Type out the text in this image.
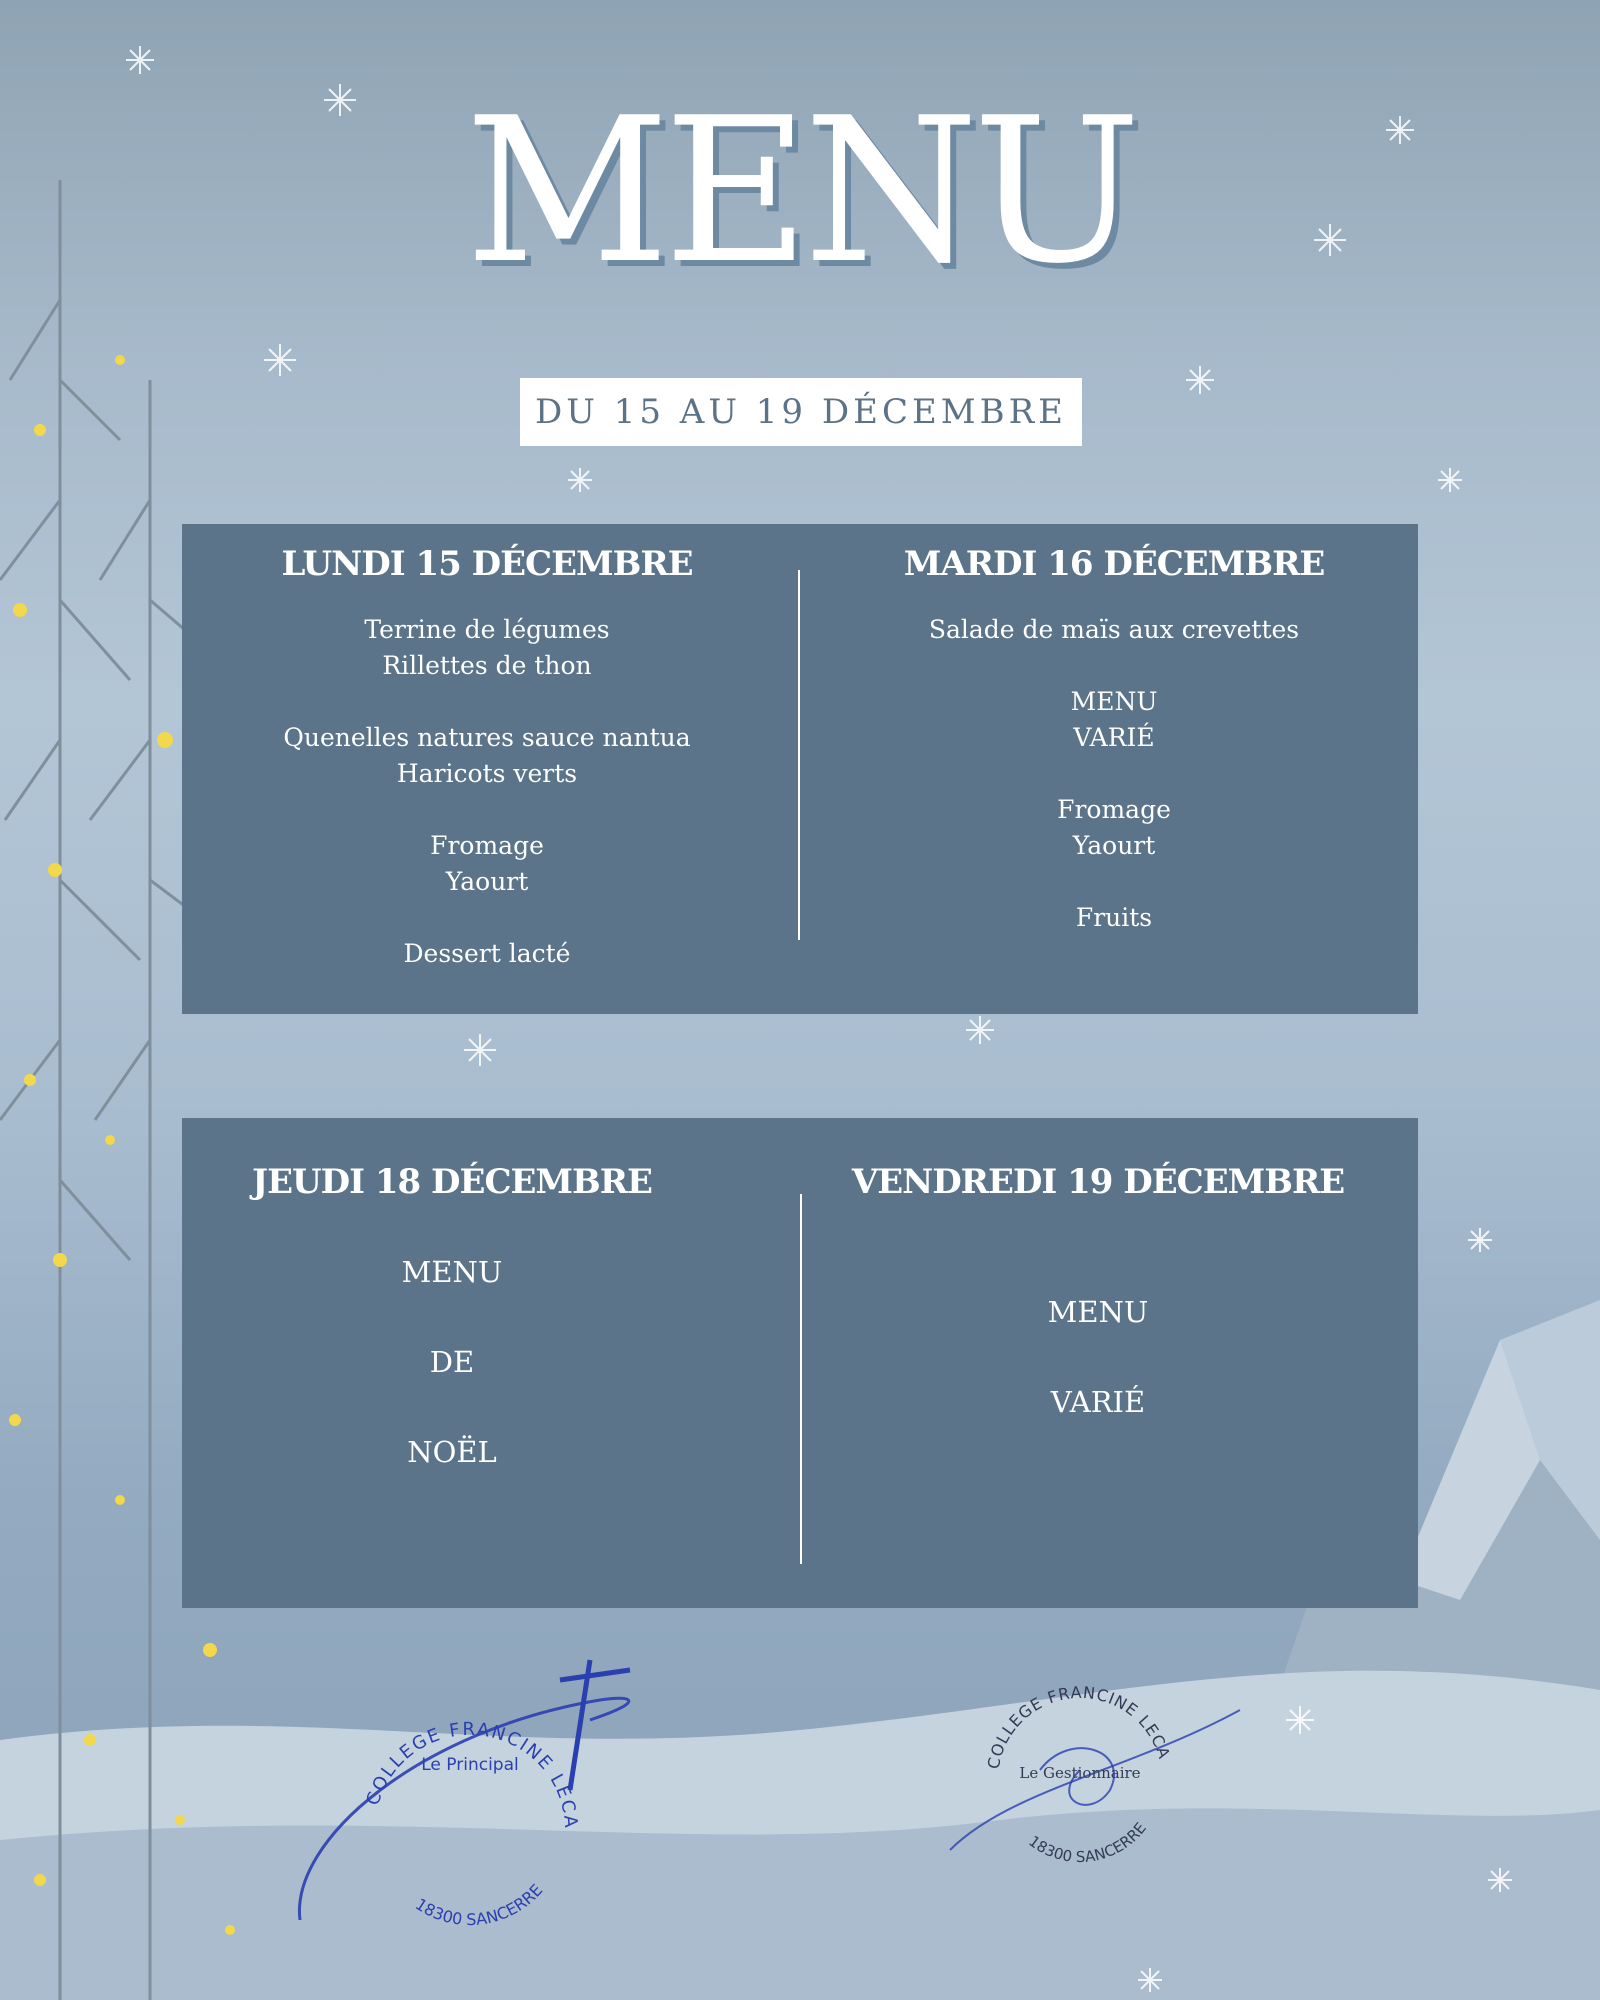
MENU
DU 15 AU 19 DÉCEMBRE
LUNDI 15 DÉCEMBRE
Terrine de légumes
Rillettes de thon
Quenelles natures sauce nantua
Haricots verts
Fromage
Yaourt
Dessert lacté
MARDI 16 DÉCEMBRE
Salade de maïs aux crevettes
MENU
VARIÉ
Fromage
Yaourt
Fruits
JEUDI 18 DÉCEMBRE
MENU
DE
NOËL
VENDREDI 19 DÉCEMBRE
MENU
VARIÉ
COLLEGE FRANCINE LECA
Le Principal
18300 SANCERRE
COLLEGE FRANCINE LECA
Le Gestionnaire
18300 SANCERRE
